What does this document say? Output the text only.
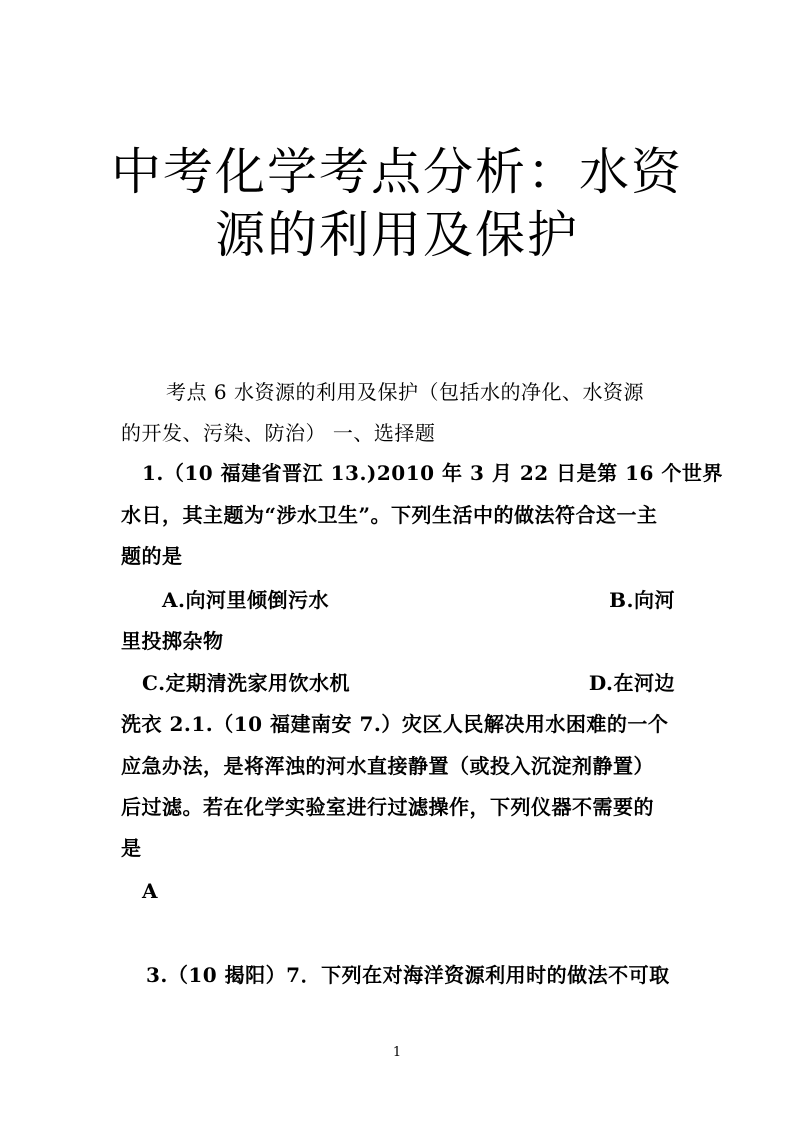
中考化学考点分析：水资
源的利用及保护
考点 6 水资源的利用及保护（包括水的净化、水资源
的开发、污染、防治） 一、选择题
1.（10 福建省晋江 13.)2010 年 3 月 22 日是第 16 个世界
水日，其主题为“涉水卫生”。下列生活中的做法符合这一主
题的是
A.向河里倾倒污水	B.向河
里投掷杂物
C.定期清洗家用饮水机	D.在河边
洗衣 2.1.（10 福建南安 7.）灾区人民解决用水困难的一个
应急办法，是将浑浊的河水直接静置（或投入沉淀剂静置）
后过滤。若在化学实验室进行过滤操作，下列仪器不需要的
是
A
3.（10 揭阳）7．下列在对海洋资源利用时的做法不可取
1
